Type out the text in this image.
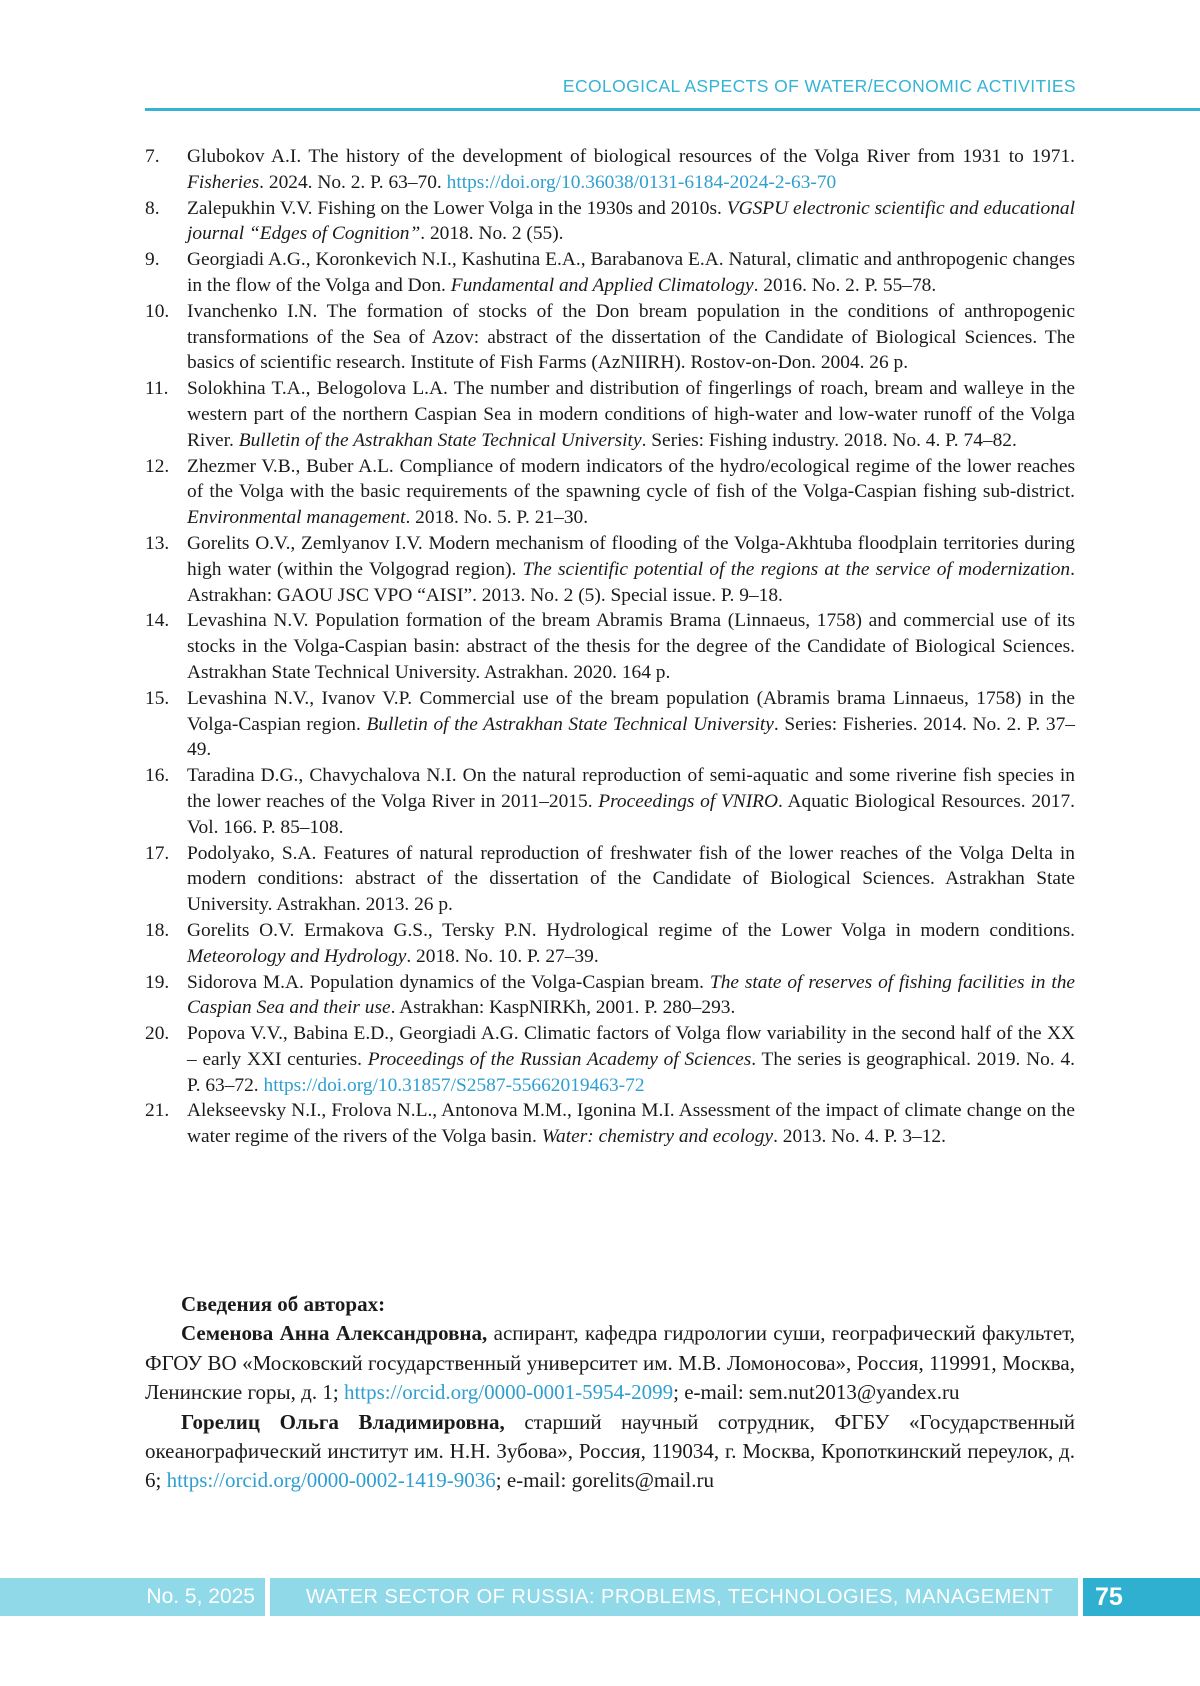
ECOLOGICAL ASPECTS OF WATER/ECONOMIC ACTIVITIES
7. Glubokov A.I. The history of the development of biological resources of the Volga River from 1931 to 1971. Fisheries. 2024. No. 2. P. 63–70. https://doi.org/10.36038/0131-6184-2024-2-63-70
8. Zalepukhin V.V. Fishing on the Lower Volga in the 1930s and 2010s. VGSPU electronic scientific and educational journal “Edges of Cognition”. 2018. No. 2 (55).
9. Georgiadi A.G., Koronkevich N.I., Kashutina E.A., Barabanova E.A. Natural, climatic and anthropogenic changes in the flow of the Volga and Don. Fundamental and Applied Climatology. 2016. No. 2. P. 55–78.
10. Ivanchenko I.N. The formation of stocks of the Don bream population in the conditions of anthropogenic transformations of the Sea of Azov: abstract of the dissertation of the Candidate of Biological Sciences. The basics of scientific research. Institute of Fish Farms (AzNIIRH). Rostov-on-Don. 2004. 26 p.
11. Solokhina T.A., Belogolova L.A. The number and distribution of fingerlings of roach, bream and walleye in the western part of the northern Caspian Sea in modern conditions of high-water and low-water runoff of the Volga River. Bulletin of the Astrakhan State Technical University. Series: Fishing industry. 2018. No. 4. P. 74–82.
12. Zhezmer V.B., Buber A.L. Compliance of modern indicators of the hydro/ecological regime of the lower reaches of the Volga with the basic requirements of the spawning cycle of fish of the Volga-Caspian fishing sub-district. Environmental management. 2018. No. 5. P. 21–30.
13. Gorelits O.V., Zemlyanov I.V. Modern mechanism of flooding of the Volga-Akhtuba floodplain territories during high water (within the Volgograd region). The scientific potential of the regions at the service of modernization. Astrakhan: GAOU JSC VPO “AISI”. 2013. No. 2 (5). Special issue. P. 9–18.
14. Levashina N.V. Population formation of the bream Abramis Brama (Linnaeus, 1758) and commercial use of its stocks in the Volga-Caspian basin: abstract of the thesis for the degree of the Candidate of Biological Sciences. Astrakhan State Technical University. Astrakhan. 2020. 164 p.
15. Levashina N.V., Ivanov V.P. Commercial use of the bream population (Abramis brama Linnaeus, 1758) in the Volga-Caspian region. Bulletin of the Astrakhan State Technical University. Series: Fisheries. 2014. No. 2. P. 37–49.
16. Taradina D.G., Chavychalova N.I. On the natural reproduction of semi-aquatic and some riverine fish species in the lower reaches of the Volga River in 2011–2015. Proceedings of VNIRO. Aquatic Biological Resources. 2017. Vol. 166. P. 85–108.
17. Podolyako, S.A. Features of natural reproduction of freshwater fish of the lower reaches of the Volga Delta in modern conditions: abstract of the dissertation of the Candidate of Biological Sciences. Astrakhan State University. Astrakhan. 2013. 26 p.
18. Gorelits O.V. Ermakova G.S., Tersky P.N. Hydrological regime of the Lower Volga in modern conditions. Meteorology and Hydrology. 2018. No. 10. P. 27–39.
19. Sidorova M.A. Population dynamics of the Volga-Caspian bream. The state of reserves of fishing facilities in the Caspian Sea and their use. Astrakhan: KaspNIRKh, 2001. P. 280–293.
20. Popova V.V., Babina E.D., Georgiadi A.G. Climatic factors of Volga flow variability in the second half of the XX – early XXI centuries. Proceedings of the Russian Academy of Sciences. The series is geographical. 2019. No. 4. P. 63–72. https://doi.org/10.31857/S2587-55662019463-72
21. Alekseevsky N.I., Frolova N.L., Antonova M.M., Igonina M.I. Assessment of the impact of climate change on the water regime of the rivers of the Volga basin. Water: chemistry and ecology. 2013. No. 4. P. 3–12.
Сведения об авторах:

Семенова Анна Александровна, аспирант, кафедра гидрологии суши, географический факультет, ФГОУ ВО «Московский государственный университет им. М.В. Ломоносова», Россия, 119991, Москва, Ленинские горы, д. 1; https://orcid.org/0000-0001-5954-2099; e-mail: sem.nut2013@yandex.ru

Горелиц Ольга Владимировна, старший научный сотрудник, ФГБУ «Государственный океанографический институт им. Н.Н. Зубова», Россия, 119034, г. Москва, Кропоткинский переулок, д. 6; https://orcid.org/0000-0002-1419-9036; e-mail: gorelits@mail.ru

No. 5, 2025	WATER SECTOR OF RUSSIA: PROBLEMS, TECHNOLOGIES, MANAGEMENT	75
